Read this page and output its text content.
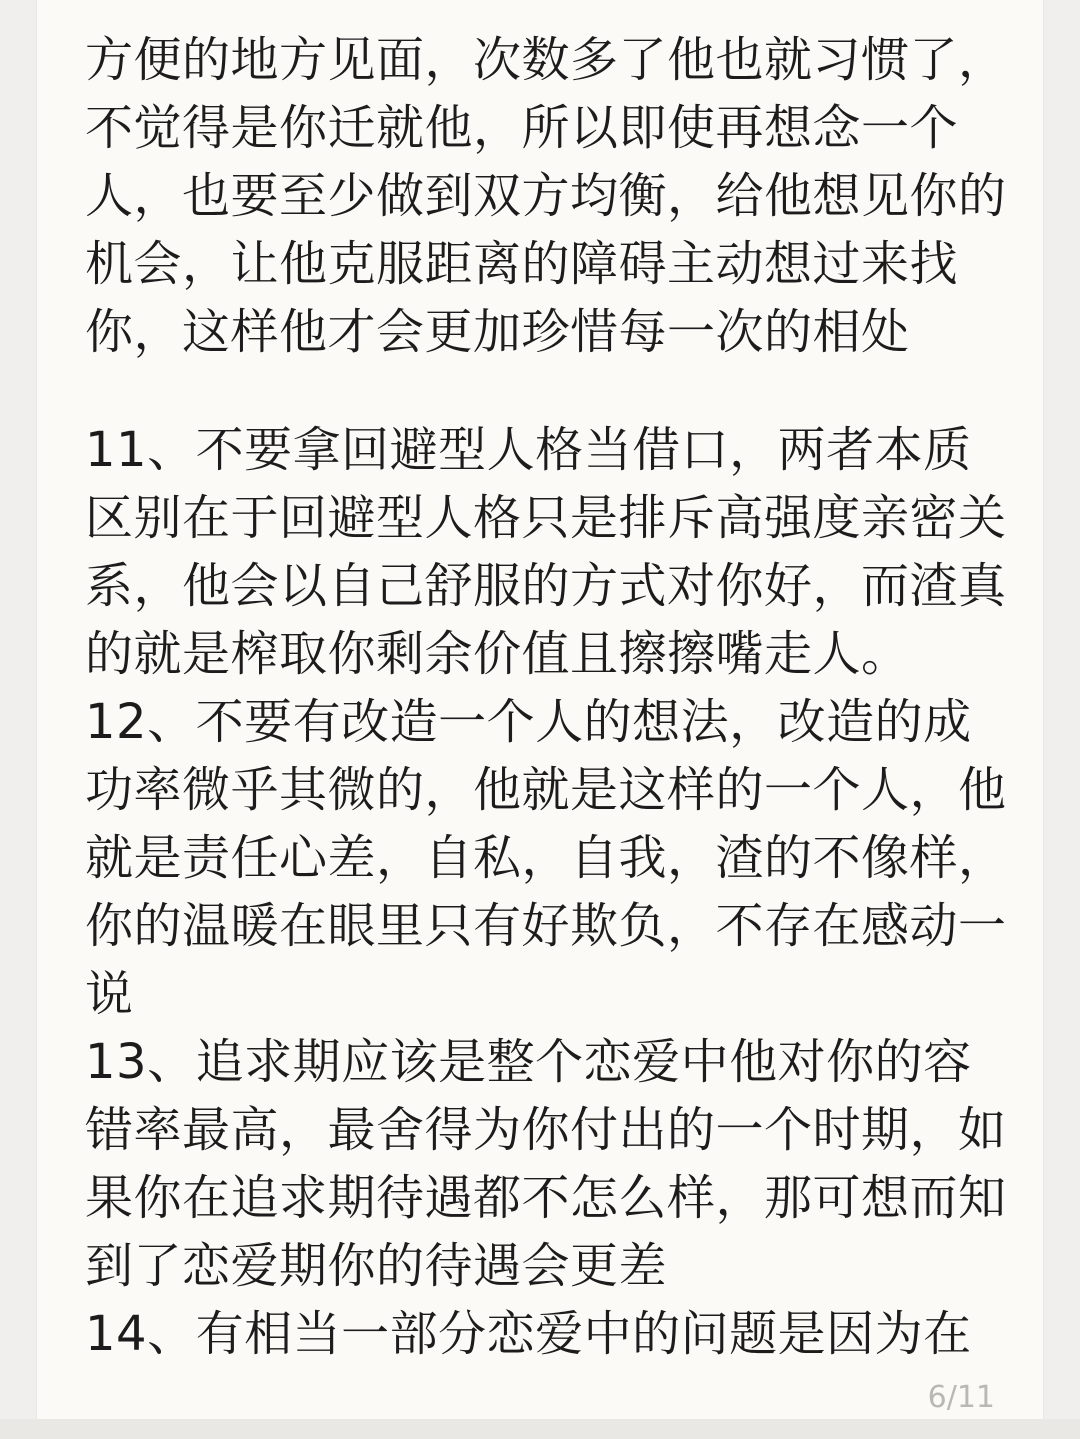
方便的地方见面，次数多了他也就习惯了，
不觉得是你迁就他，所以即使再想念一个
人，也要至少做到双方均衡，给他想见你的
机会，让他克服距离的障碍主动想过来找
你，这样他才会更加珍惜每一次的相处
11、不要拿回避型人格当借口，两者本质
区别在于回避型人格只是排斥高强度亲密关
系，他会以自己舒服的方式对你好，而渣真
的就是榨取你剩余价值且擦擦嘴走人。
12、不要有改造一个人的想法，改造的成
功率微乎其微的，他就是这样的一个人，他
就是责任心差，自私，自我，渣的不像样，
你的温暖在眼里只有好欺负，不存在感动一
说
13、追求期应该是整个恋爱中他对你的容
错率最高，最舍得为你付出的一个时期，如
果你在追求期待遇都不怎么样，那可想而知
到了恋爱期你的待遇会更差
14、有相当一部分恋爱中的问题是因为在
6/11
